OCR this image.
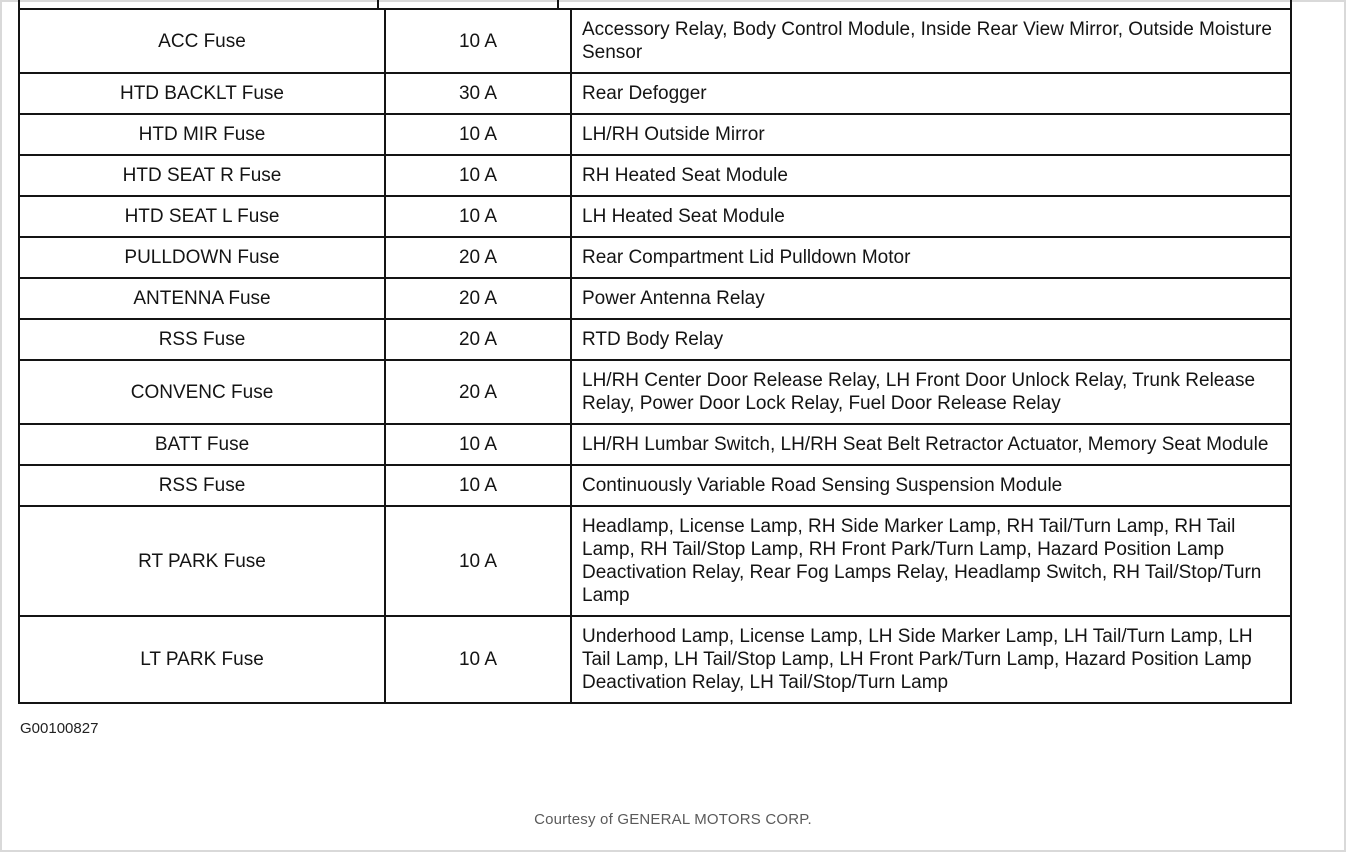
ACC Fuse	10 A	Accessory Relay, Body Control Module, Inside Rear View Mirror, Outside Moisture Sensor
HTD BACKLT Fuse	30 A	Rear Defogger
HTD MIR Fuse	10 A	LH/RH Outside Mirror
HTD SEAT R Fuse	10 A	RH Heated Seat Module
HTD SEAT L Fuse	10 A	LH Heated Seat Module
PULLDOWN Fuse	20 A	Rear Compartment Lid Pulldown Motor
ANTENNA Fuse	20 A	Power Antenna Relay
RSS Fuse	20 A	RTD Body Relay
CONVENC Fuse	20 A	LH/RH Center Door Release Relay, LH Front Door Unlock Relay, Trunk Release Relay, Power Door Lock Relay, Fuel Door Release Relay
BATT Fuse	10 A	LH/RH Lumbar Switch, LH/RH Seat Belt Retractor Actuator, Memory Seat Module
RSS Fuse	10 A	Continuously Variable Road Sensing Suspension Module
RT PARK Fuse	10 A	Headlamp, License Lamp, RH Side Marker Lamp, RH Tail/Turn Lamp, RH Tail Lamp, RH Tail/Stop Lamp, RH Front Park/Turn Lamp, Hazard Position Lamp Deactivation Relay, Rear Fog Lamps Relay, Headlamp Switch, RH Tail/Stop/Turn Lamp
LT PARK Fuse	10 A	Underhood Lamp, License Lamp, LH Side Marker Lamp, LH Tail/Turn Lamp, LH Tail Lamp, LH Tail/Stop Lamp, LH Front Park/Turn Lamp, Hazard Position Lamp Deactivation Relay, LH Tail/Stop/Turn Lamp
G00100827
Courtesy of GENERAL MOTORS CORP.
